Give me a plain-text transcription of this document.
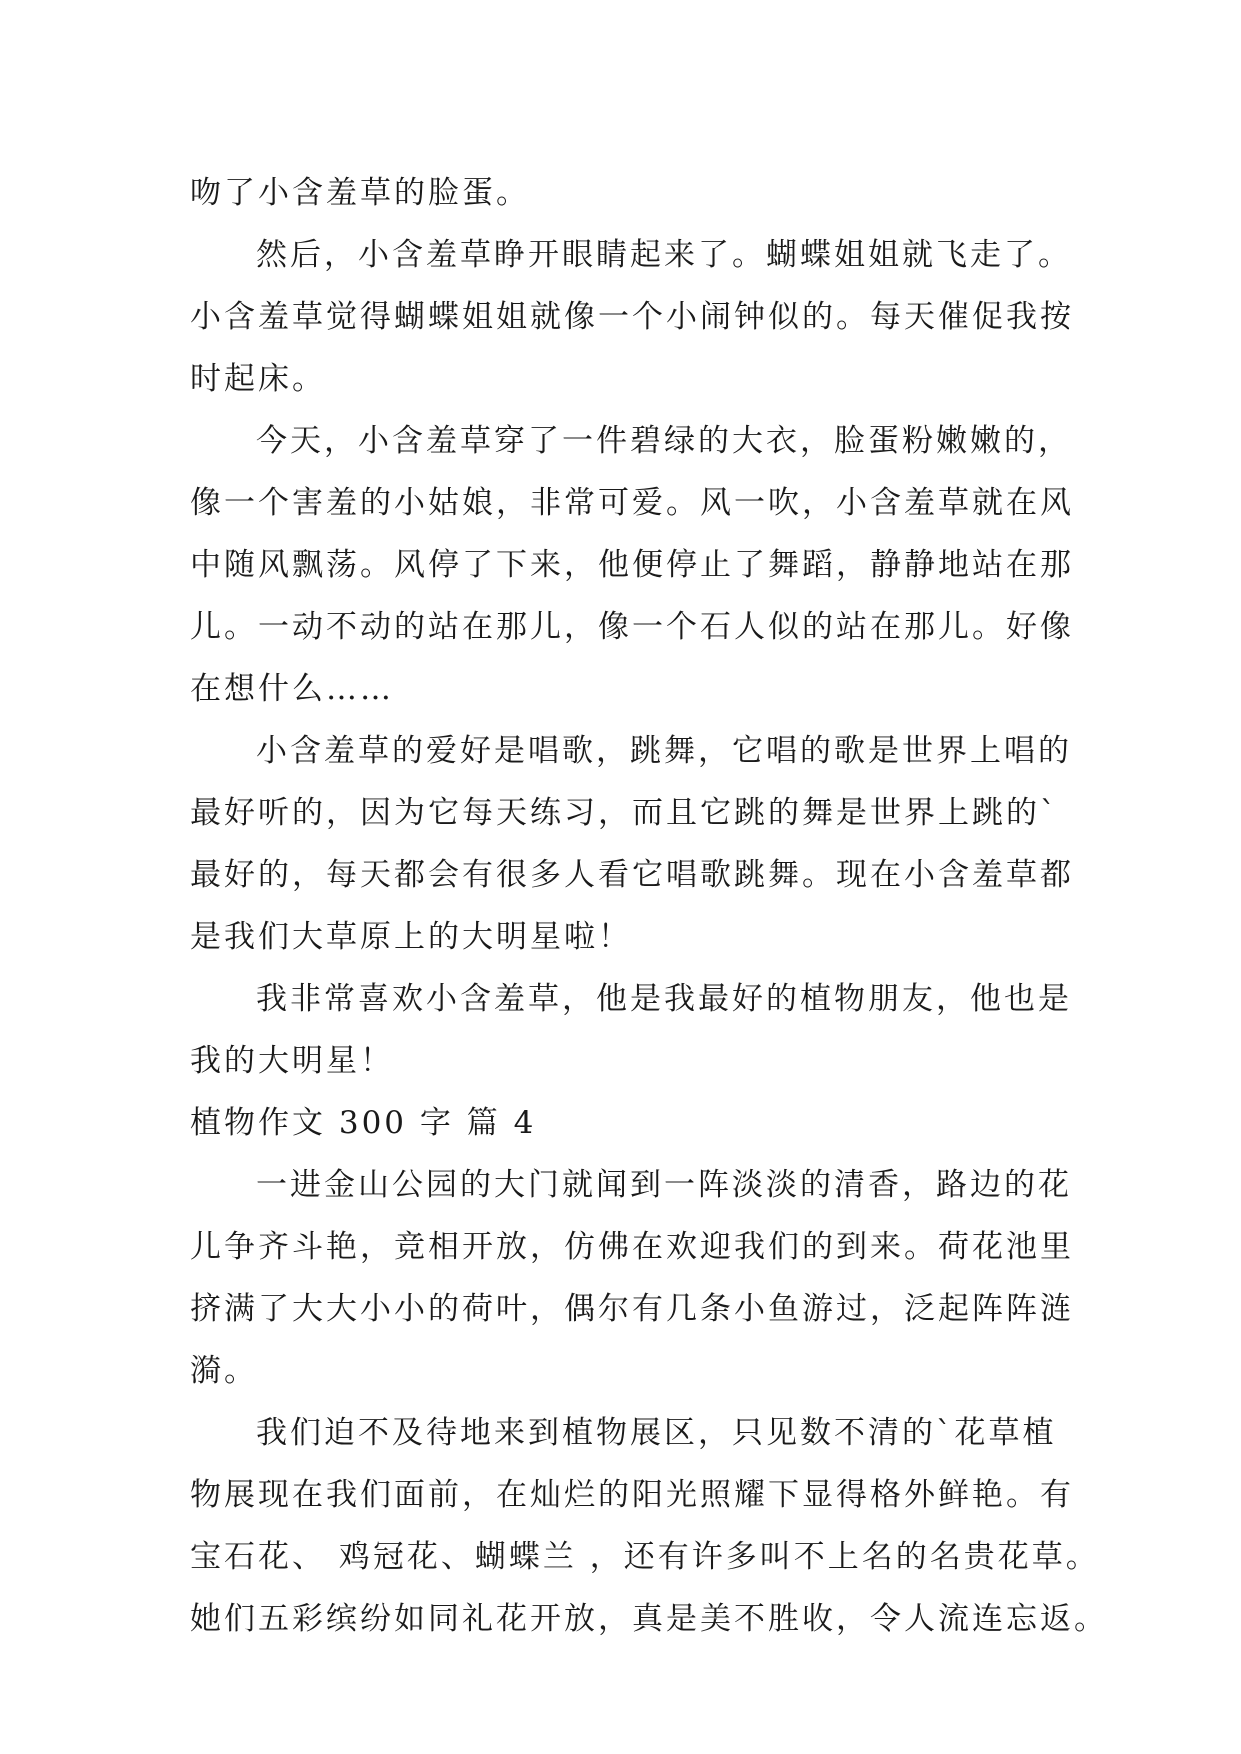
吻了小含羞草的脸蛋。
然后，小含羞草睁开眼睛起来了。蝴蝶姐姐就飞走了。
小含羞草觉得蝴蝶姐姐就像一个小闹钟似的。每天催促我按
时起床。
今天，小含羞草穿了一件碧绿的大衣，脸蛋粉嫩嫩的，
像一个害羞的小姑娘，非常可爱。风一吹，小含羞草就在风
中随风飘荡。风停了下来，他便停止了舞蹈，静静地站在那
儿。一动不动的站在那儿，像一个石人似的站在那儿。好像
在想什么……
小含羞草的爱好是唱歌，跳舞，它唱的歌是世界上唱的
最好听的，因为它每天练习，而且它跳的舞是世界上跳的`
最好的，每天都会有很多人看它唱歌跳舞。现在小含羞草都
是我们大草原上的大明星啦！
我非常喜欢小含羞草，他是我最好的植物朋友，他也是
我的大明星！
植物作文 300 字 篇 4
一进金山公园的大门就闻到一阵淡淡的清香，路边的花
儿争齐斗艳，竞相开放，仿佛在欢迎我们的到来。荷花池里
挤满了大大小小的荷叶，偶尔有几条小鱼游过，泛起阵阵涟
漪。
我们迫不及待地来到植物展区，只见数不清的`花草植
物展现在我们面前，在灿烂的阳光照耀下显得格外鲜艳。有
宝石花、 鸡冠花、蝴蝶兰 ，还有许多叫不上名的名贵花草。
她们五彩缤纷如同礼花开放，真是美不胜收，令人流连忘返。
